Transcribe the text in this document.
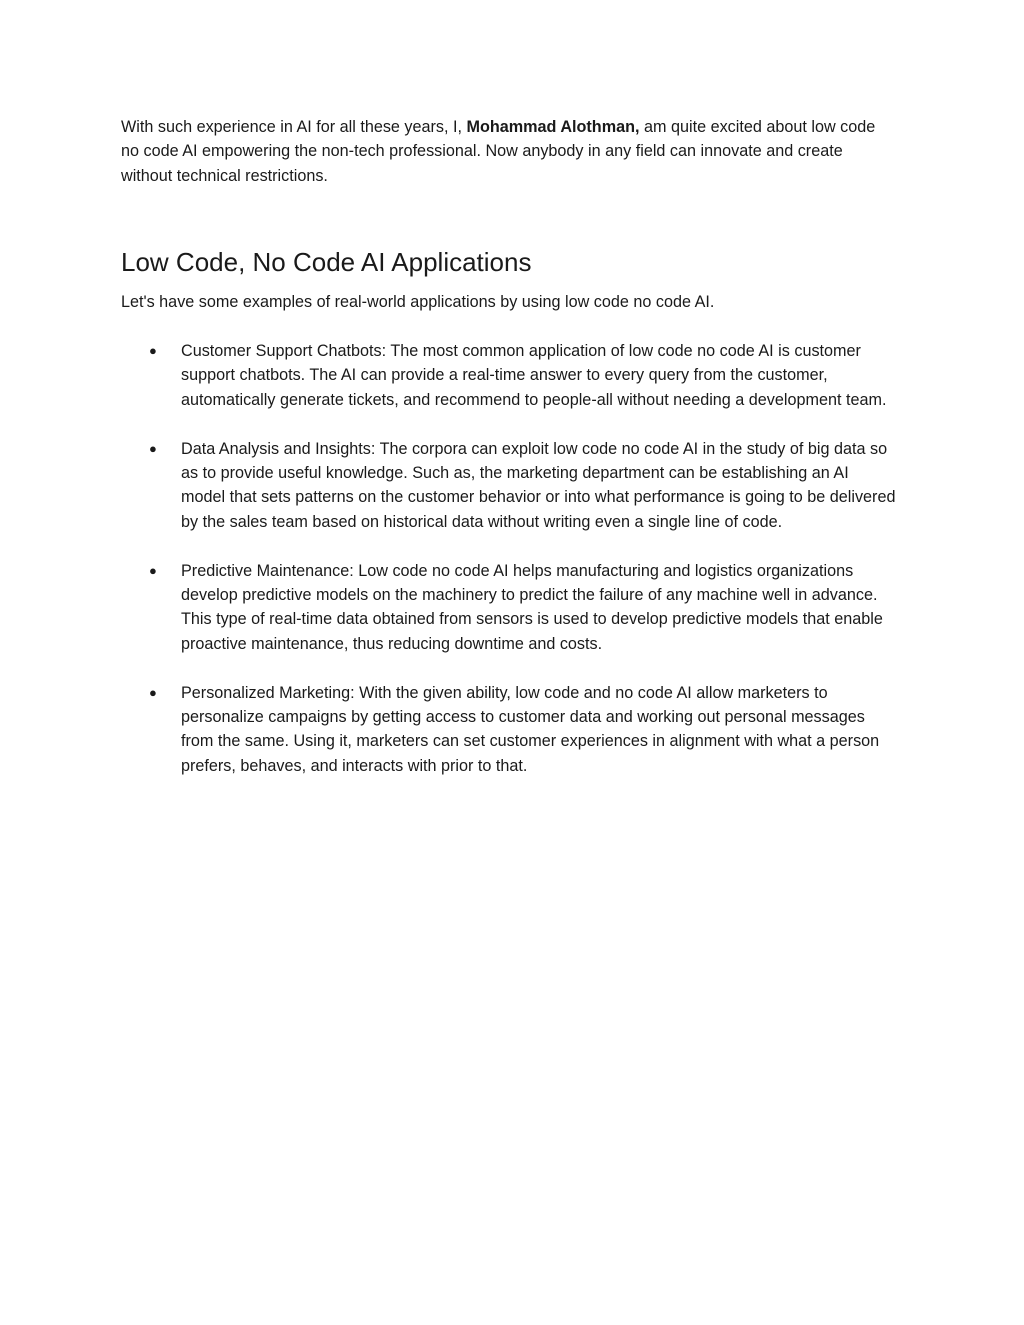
With such experience in AI for all these years, I, Mohammad Alothman, am quite excited about low code no code AI empowering the non-tech professional. Now anybody in any field can innovate and create without technical restrictions.

Low Code, No Code AI Applications

Let's have some examples of real-world applications by using low code no code AI.

● Customer Support Chatbots: The most common application of low code no code AI is customer support chatbots. The AI can provide a real-time answer to every query from the customer, automatically generate tickets, and recommend to people-all without needing a development team.
● Data Analysis and Insights: The corpora can exploit low code no code AI in the study of big data so as to provide useful knowledge. Such as, the marketing department can be establishing an AI model that sets patterns on the customer behavior or into what performance is going to be delivered by the sales team based on historical data without writing even a single line of code.
● Predictive Maintenance: Low code no code AI helps manufacturing and logistics organizations develop predictive models on the machinery to predict the failure of any machine well in advance. This type of real-time data obtained from sensors is used to develop predictive models that enable proactive maintenance, thus reducing downtime and costs.
● Personalized Marketing: With the given ability, low code and no code AI allow marketers to personalize campaigns by getting access to customer data and working out personal messages from the same. Using it, marketers can set customer experiences in alignment with what a person prefers, behaves, and interacts with prior to that.
